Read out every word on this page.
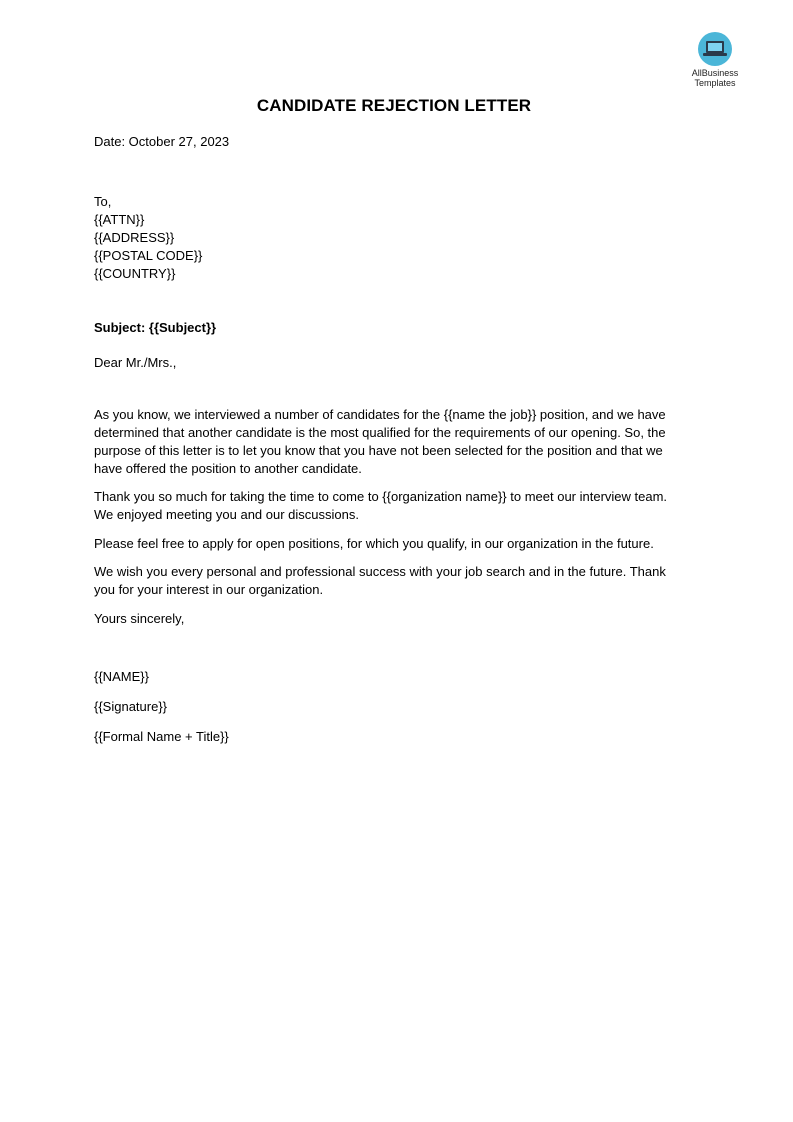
AllBusiness
Templates
CANDIDATE REJECTION LETTER
Date: October 27, 2023
To,
{{ATTN}}
{{ADDRESS}}
{{POSTAL CODE}}
{{COUNTRY}}
Subject: {{Subject}}
Dear Mr./Mrs.,
As you know, we interviewed a number of candidates for the {{name the job}} position, and we have
determined that another candidate is the most qualified for the requirements of our opening. So, the
purpose of this letter is to let you know that you have not been selected for the position and that we
have offered the position to another candidate.
Thank you so much for taking the time to come to {{organization name}} to meet our interview team.
We enjoyed meeting you and our discussions.
Please feel free to apply for open positions, for which you qualify, in our organization in the future.
We wish you every personal and professional success with your job search and in the future. Thank
you for your interest in our organization.
Yours sincerely,
{{NAME}}
{{Signature}}
{{Formal Name + Title}}
